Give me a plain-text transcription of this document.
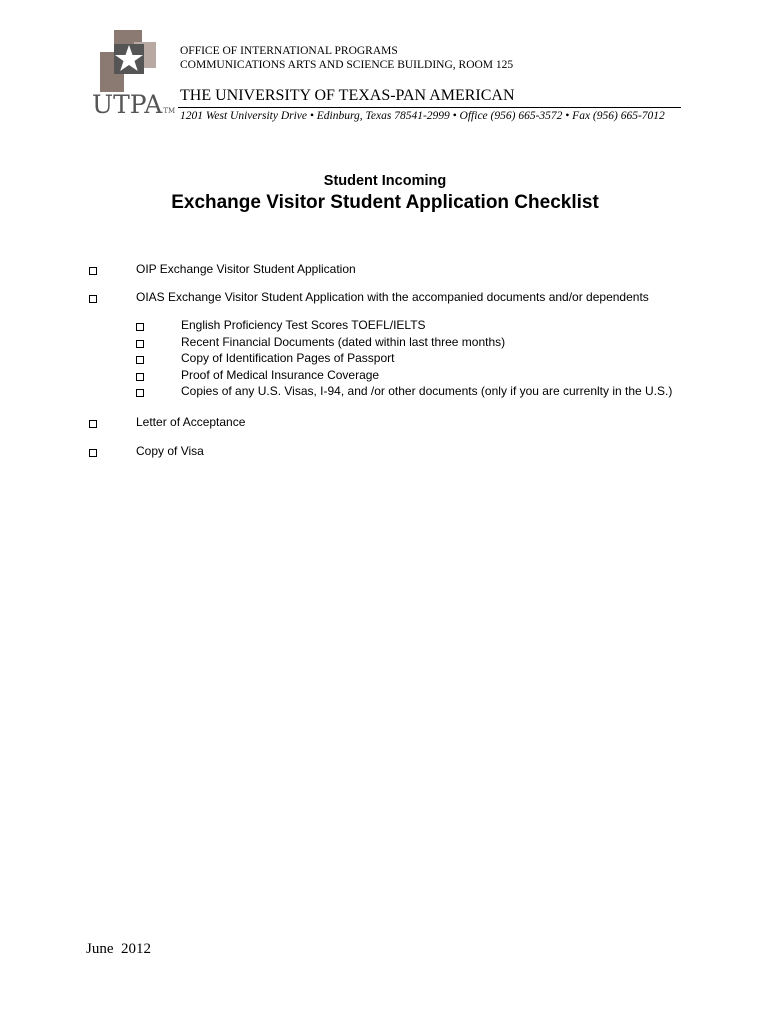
UTPATM
OFFICE OF INTERNATIONAL PROGRAMS
COMMUNICATIONS ARTS AND SCIENCE BUILDING, ROOM 125
THE UNIVERSITY OF TEXAS-PAN AMERICAN
1201 West University Drive • Edinburg, Texas 78541-2999 • Office (956) 665-3572 • Fax (956) 665-7012
Student Incoming
Exchange Visitor Student Application Checklist
OIP Exchange Visitor Student Application
OIAS Exchange Visitor Student Application with the accompanied documents and/or dependents
English Proficiency Test Scores TOEFL/IELTS
Recent Financial Documents (dated within last three months)
Copy of Identification Pages of Passport
Proof of Medical Insurance Coverage
Copies of any U.S. Visas, I-94, and /or other documents (only if you are currenlty in the U.S.)
Letter of Acceptance
Copy of Visa
June  2012
